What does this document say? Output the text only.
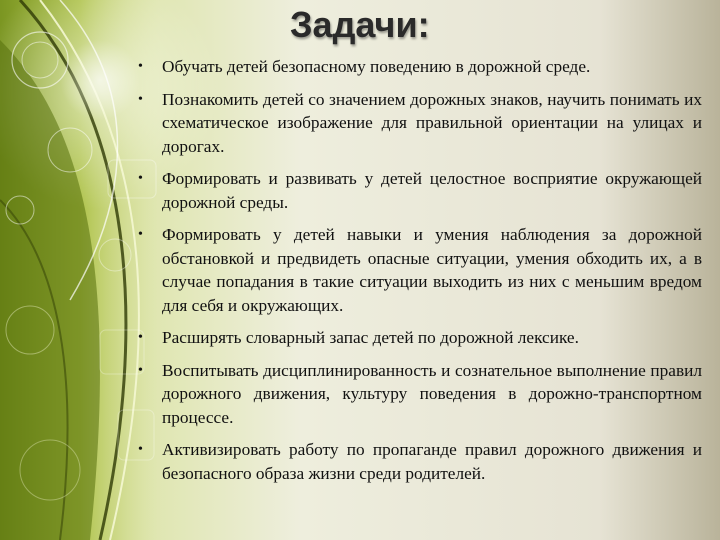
Задачи:
• Обучать детей безопасному поведению в дорожной среде.
• Познакомить детей со значением дорожных знаков, научить понимать их схематическое изображение для правильной ориентации на улицах и дорогах.
• Формировать и развивать у детей целостное восприятие окружающей дорожной среды.
• Формировать у детей навыки и умения наблюдения за дорожной обстановкой и предвидеть опасные ситуации, умения обходить их, а в случае попадания в такие ситуации выходить из них с меньшим вредом для себя и окружающих.
• Расширять словарный запас детей по дорожной лексике.
• Воспитывать дисциплинированность и сознательное выполнение правил дорожного движения, культуру поведения в дорожно-транспортном процессе.
• Активизировать работу по пропаганде правил дорожного движения и безопасного образа жизни среди родителей.
